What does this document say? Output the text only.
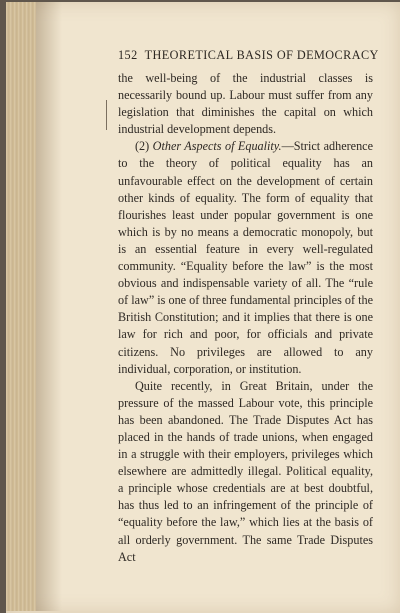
152 THEORETICAL BASIS OF DEMOCRACY

the well-being of the industrial classes is necessarily bound up. Labour must suffer from any legislation that diminishes the capital on which industrial development depends.

(2) Other Aspects of Equality.—Strict adherence to the theory of political equality has an unfavourable effect on the development of certain other kinds of equality. The form of equality that flourishes least under popular government is one which is by no means a democratic monopoly, but is an essential feature in every well-regulated community. “Equality before the law” is the most obvious and indispensable variety of all. The “rule of law” is one of three fundamental principles of the British Constitution; and it implies that there is one law for rich and poor, for officials and private citizens. No privileges are allowed to any individual, corporation, or institution.

Quite recently, in Great Britain, under the pressure of the massed Labour vote, this principle has been abandoned. The Trade Disputes Act has placed in the hands of trade unions, when engaged in a struggle with their employers, privileges which elsewhere are admittedly illegal. Political equality, a principle whose credentials are at best doubtful, has thus led to an infringement of the principle of “equality before the law,” which lies at the basis of all orderly government. The same Trade Disputes Act
